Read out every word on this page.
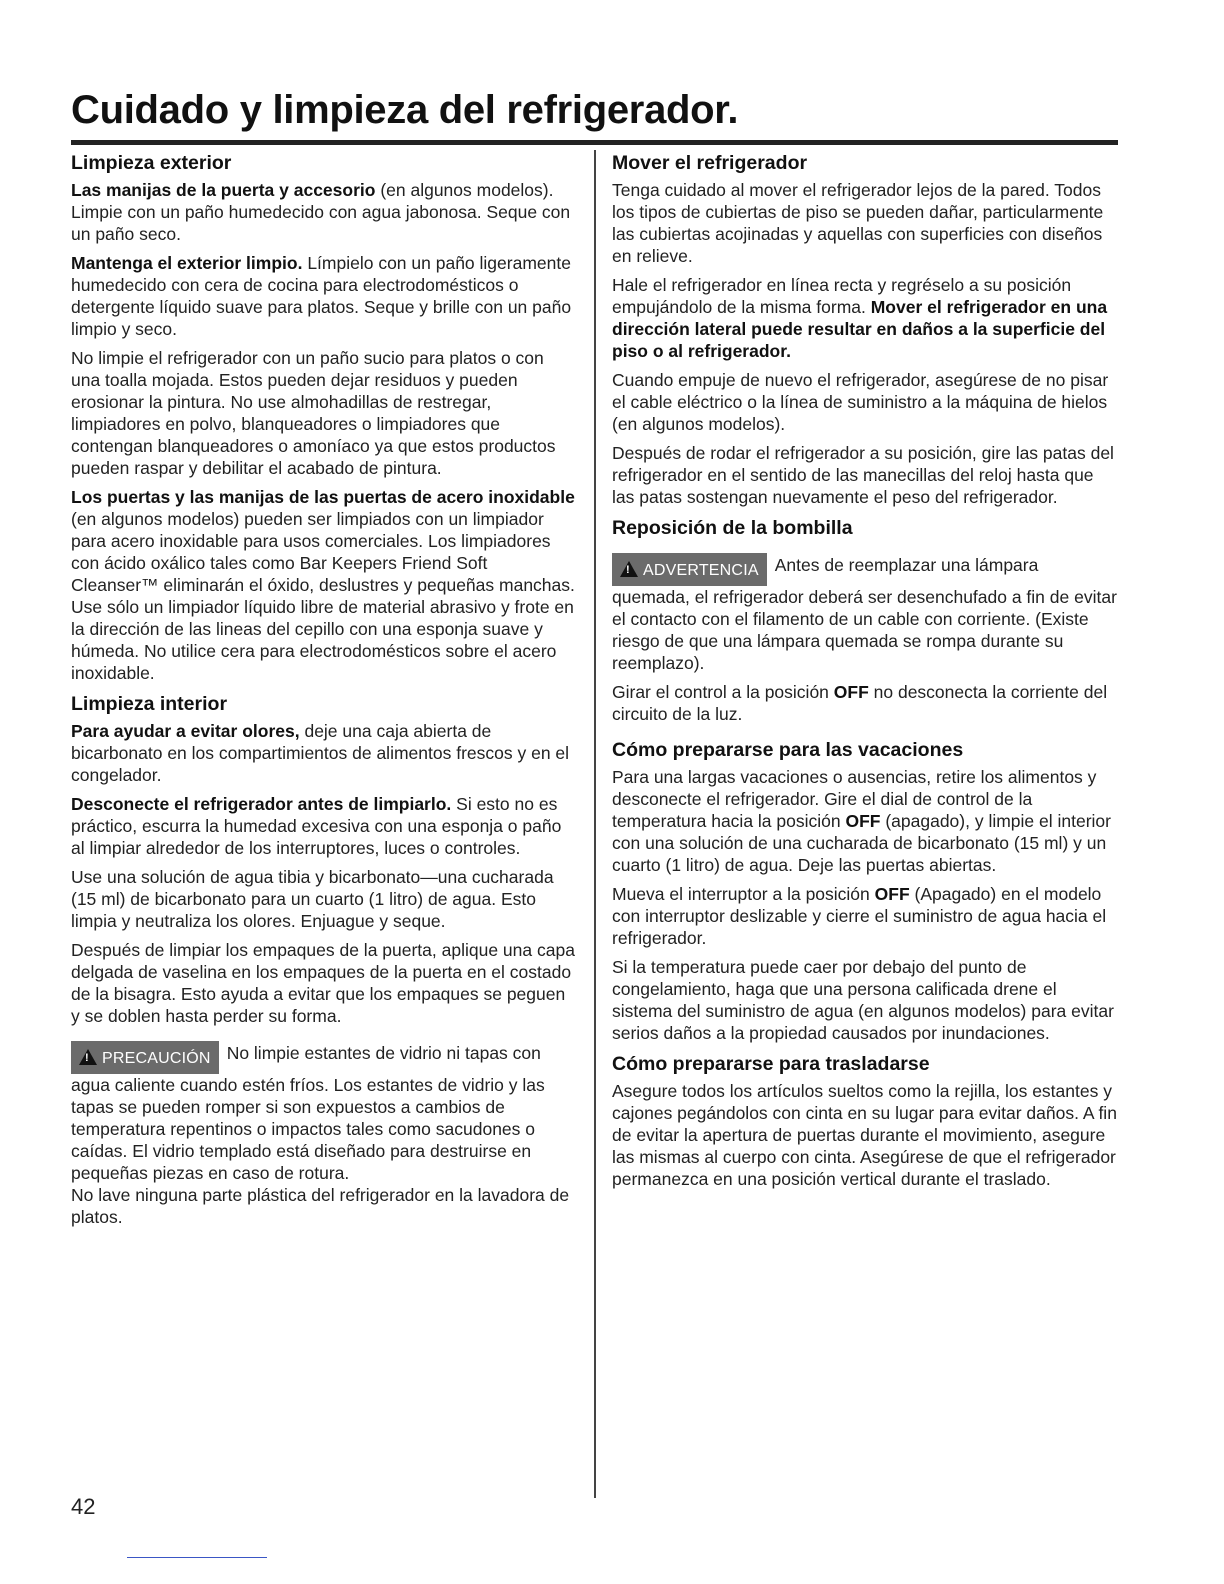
Cuidado y limpieza del refrigerador.
Limpieza exterior

Las manijas de la puerta y accesorio (en algunos modelos). Limpie con un paño humedecido con agua jabonosa. Seque con un paño seco.

Mantenga el exterior limpio. Límpielo con un paño ligeramente humedecido con cera de cocina para electrodomésticos o detergente líquido suave para platos. Seque y brille con un paño limpio y seco.

No limpie el refrigerador con un paño sucio para platos o con una toalla mojada. Estos pueden dejar residuos y pueden erosionar la pintura. No use almohadillas de restregar, limpiadores en polvo, blanqueadores o limpiadores que contengan blanqueadores o amoníaco ya que estos productos pueden raspar y debilitar el acabado de pintura.

Los puertas y las manijas de las puertas de acero inoxidable (en algunos modelos) pueden ser limpiados con un limpiador para acero inoxidable para usos comerciales. Los limpiadores con ácido oxálico tales como Bar Keepers Friend Soft Cleanser™ eliminarán el óxido, deslustres y pequeñas manchas. Use sólo un limpiador líquido libre de material abrasivo y frote en la dirección de las lineas del cepillo con una esponja suave y húmeda. No utilice cera para electrodomésticos sobre el acero inoxidable.

Limpieza interior

Para ayudar a evitar olores, deje una caja abierta de bicarbonato en los compartimientos de alimentos frescos y en el congelador.

Desconecte el refrigerador antes de limpiarlo. Si esto no es práctico, escurra la humedad excesiva con una esponja o paño al limpiar alrededor de los interruptores, luces o controles.

Use una solución de agua tibia y bicarbonato—una cucharada (15 ml) de bicarbonato para un cuarto (1 litro) de agua. Esto limpia y neutraliza los olores. Enjuague y seque.

Después de limpiar los empaques de la puerta, aplique una capa delgada de vaselina en los empaques de la puerta en el costado de la bisagra. Esto ayuda a evitar que los empaques se peguen y se doblen hasta perder su forma.

! PRECAUCIÓN No limpie estantes de vidrio ni tapas con agua caliente cuando estén fríos. Los estantes de vidrio y las tapas se pueden romper si son expuestos a cambios de temperatura repentinos o impactos tales como sacudones o caídas. El vidrio templado está diseñado para destruirse en pequeñas piezas en caso de rotura.

No lave ninguna parte plástica del refrigerador en la lavadora de platos.

Mover el refrigerador

Tenga cuidado al mover el refrigerador lejos de la pared. Todos los tipos de cubiertas de piso se pueden dañar, particularmente las cubiertas acojinadas y aquellas con superficies con diseños en relieve.

Hale el refrigerador en línea recta y regréselo a su posición empujándolo de la misma forma. Mover el refrigerador en una dirección lateral puede resultar en daños a la superficie del piso o al refrigerador.

Cuando empuje de nuevo el refrigerador, asegúrese de no pisar el cable eléctrico o la línea de suministro a la máquina de hielos (en algunos modelos).

Después de rodar el refrigerador a su posición, gire las patas del refrigerador en el sentido de las manecillas del reloj hasta que las patas sostengan nuevamente el peso del refrigerador.

Reposición de la bombilla

! ADVERTENCIA Antes de reemplazar una lámpara quemada, el refrigerador deberá ser desenchufado a fin de evitar el contacto con el filamento de un cable con corriente. (Existe riesgo de que una lámpara quemada se rompa durante su reemplazo).

Girar el control a la posición OFF no desconecta la corriente del circuito de la luz.

Cómo prepararse para las vacaciones

Para una largas vacaciones o ausencias, retire los alimentos y desconecte el refrigerador. Gire el dial de control de la temperatura hacia la posición OFF (apagado), y limpie el interior con una solución de una cucharada de bicarbonato (15 ml) y un cuarto (1 litro) de agua. Deje las puertas abiertas.

Mueva el interruptor a la posición OFF (Apagado) en el modelo con interruptor deslizable y cierre el suministro de agua hacia el refrigerador.

Si la temperatura puede caer por debajo del punto de congelamiento, haga que una persona calificada drene el sistema del suministro de agua (en algunos modelos) para evitar serios daños a la propiedad causados por inundaciones.

Cómo prepararse para trasladarse

Asegure todos los artículos sueltos como la rejilla, los estantes y cajones pegándolos con cinta en su lugar para evitar daños. A fin de evitar la apertura de puertas durante el movimiento, asegure las mismas al cuerpo con cinta. Asegúrese de que el refrigerador permanezca en una posición vertical durante el traslado.

42
